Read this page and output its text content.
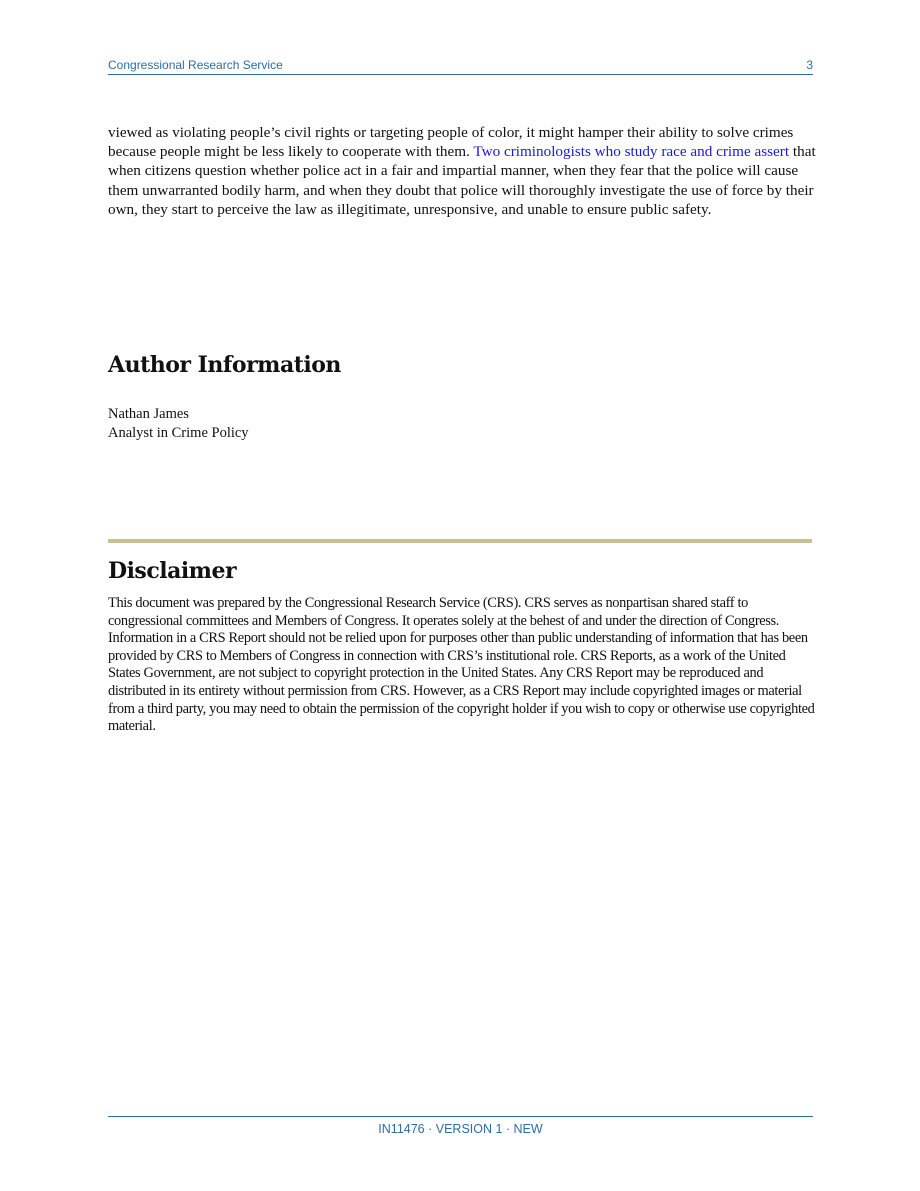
Congressional Research Service	3

viewed as violating people’s civil rights or targeting people of color, it might hamper their ability to solve crimes because people might be less likely to cooperate with them. Two criminologists who study race and crime assert that when citizens question whether police act in a fair and impartial manner, when they fear that the police will cause them unwarranted bodily harm, and when they doubt that police will thoroughly investigate the use of force by their own, they start to perceive the law as illegitimate, unresponsive, and unable to ensure public safety.

Author Information

Nathan James

Analyst in Crime Policy

Disclaimer

This document was prepared by the Congressional Research Service (CRS). CRS serves as nonpartisan shared staff to congressional committees and Members of Congress. It operates solely at the behest of and under the direction of Congress. Information in a CRS Report should not be relied upon for purposes other than public understanding of information that has been provided by CRS to Members of Congress in connection with CRS’s institutional role. CRS Reports, as a work of the United States Government, are not subject to copyright protection in the United States. Any CRS Report may be reproduced and distributed in its entirety without permission from CRS. However, as a CRS Report may include copyrighted images or material from a third party, you may need to obtain the permission of the copyright holder if you wish to copy or otherwise use copyrighted material.

IN11476 · VERSION 1 · NEW
